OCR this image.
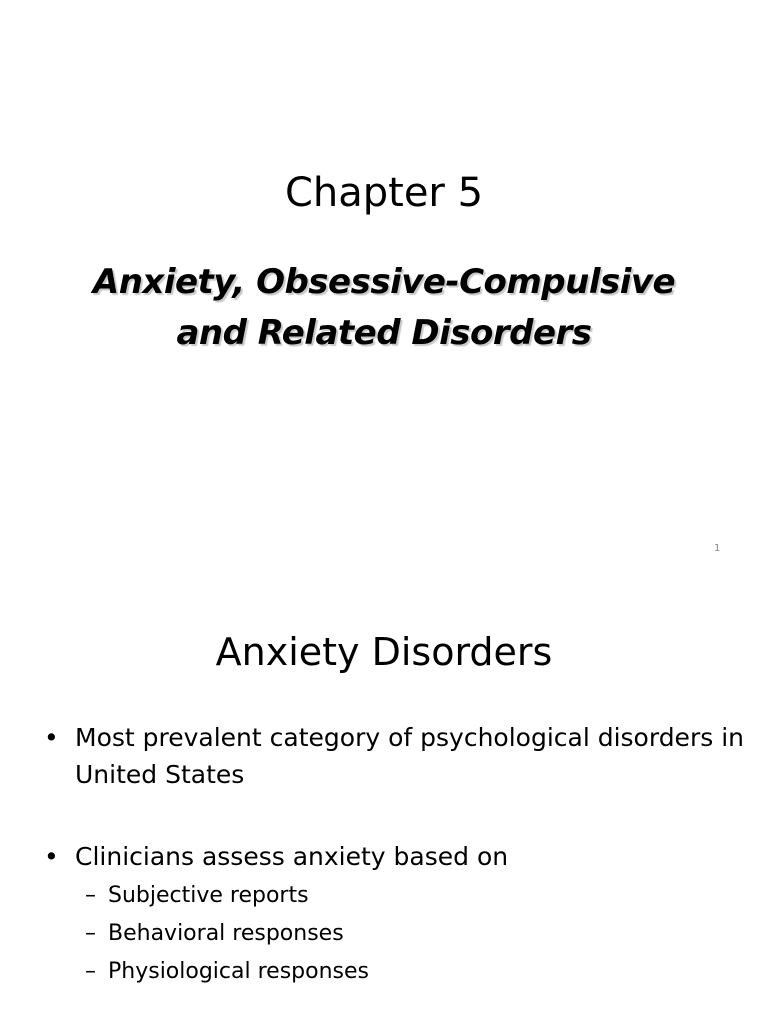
Chapter 5
Anxiety, Obsessive-Compulsive
and Related Disorders
1
Anxiety Disorders
• Most prevalent category of psychological disorders in United States
• Clinicians assess anxiety based on
– Subjective reports
– Behavioral responses
– Physiological responses
